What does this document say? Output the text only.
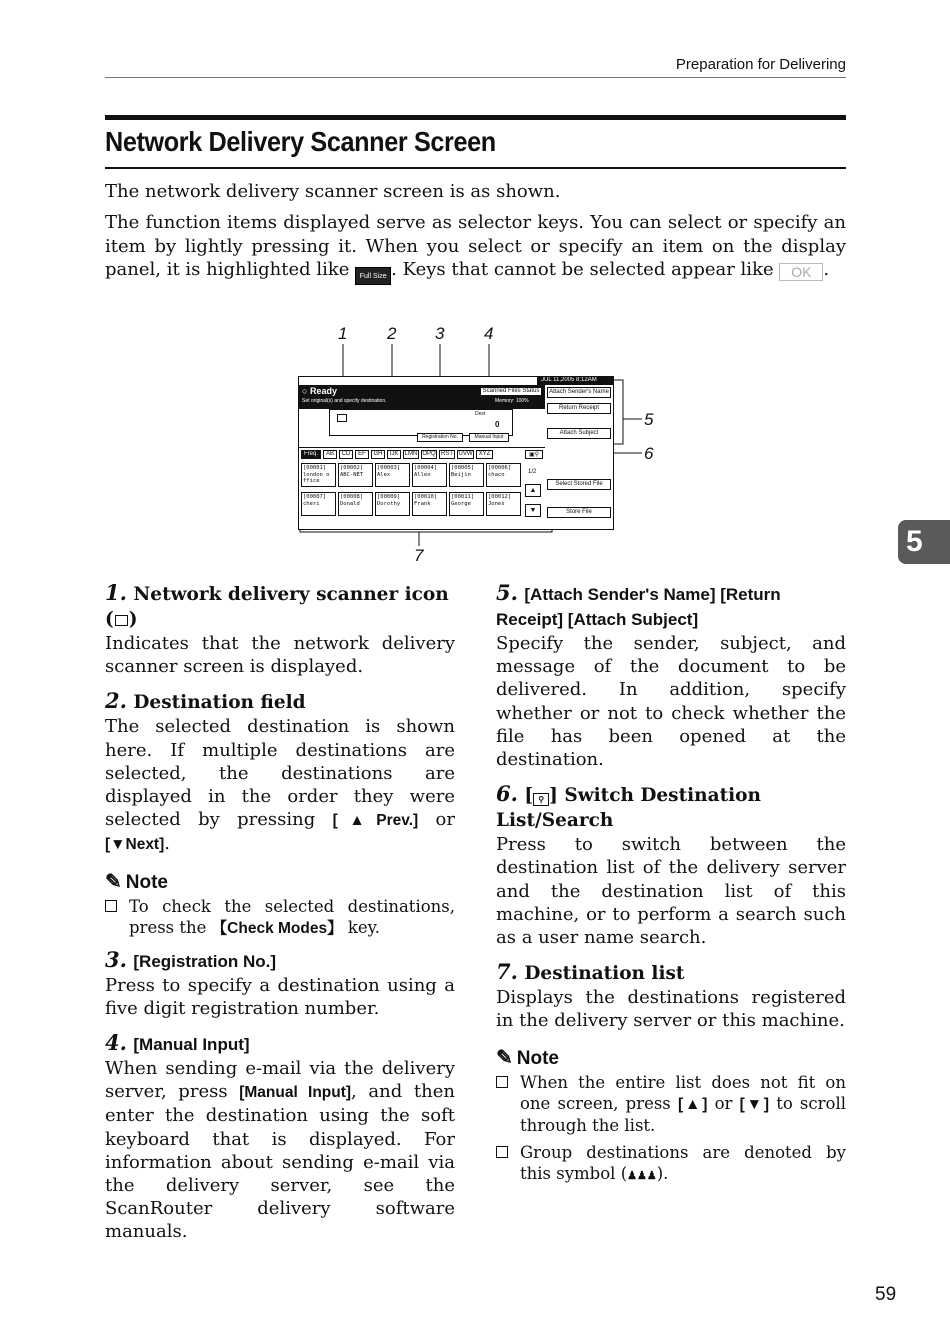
Preparation for Delivering
Network Delivery Scanner Screen

The network delivery scanner screen is as shown.

The function items displayed serve as selector keys. You can select or specify an item by lightly pressing it. When you select or specify an item on the display panel, it is highlighted like Full Size . Keys that cannot be selected appear like OK .

5
1 2 3 4
5
6
7
JUL 11,2005 8:12AM
○ Ready
Set original(s) and specify destination.
Scanned Files Status
Memory: 100%
Dest
0
Registration No.	Manual Input
Attach Sender's Name
Return Receipt
Attach Subject
▣⚲
1/2
▲
▼
Select Stored File
Store File
Freq.	AB	CD	EF	GH	IJK	LMN OPQ RST UVW	XYZ
[00001]
london o ffice
[00002]
ABC-NET
[00003]
Alex
[00004]
Allen
[00005]
Beijin
[00006]
chaco
[00007]
cheri
[00008]
Donald
[00009]
Dorothy
[00010]
Frank
[00011]
George
[00012]
Jones
1. Network delivery scanner icon ( )
Indicates that the network delivery scanner screen is displayed.
2. Destination field
The selected destination is shown here. If multiple destinations are selected, the destinations are displayed in the order they were selected by pressing [▲Prev.] or [▼Next].
✎ Note
To check the selected destinations, press the 【Check Modes】 key.
3. [Registration No.]
Press to specify a destination using a five digit registration number.
4. [Manual Input]
When sending e-mail via the delivery server, press [Manual Input], and then enter the destination using the soft keyboard that is displayed. For information about sending e-mail via the delivery server, see the ScanRouter delivery software manuals.
5. [Attach Sender's Name] [Return Receipt] [Attach Subject]
Specify the sender, subject, and message of the document to be delivered. In addition, specify whether or not to check whether the file has been opened at the destination.
6. [ ⚲ ] Switch Destination List/Search
Press to switch between the destination list of the delivery server and the destination list of this machine, or to perform a search such as a user name search.
7. Destination list
Displays the destinations registered in the delivery server or this machine.
✎ Note
When the entire list does not fit on one screen, press [▲] or [▼] to scroll through the list.
Group destinations are denoted by this symbol (♟♟♟).
59
